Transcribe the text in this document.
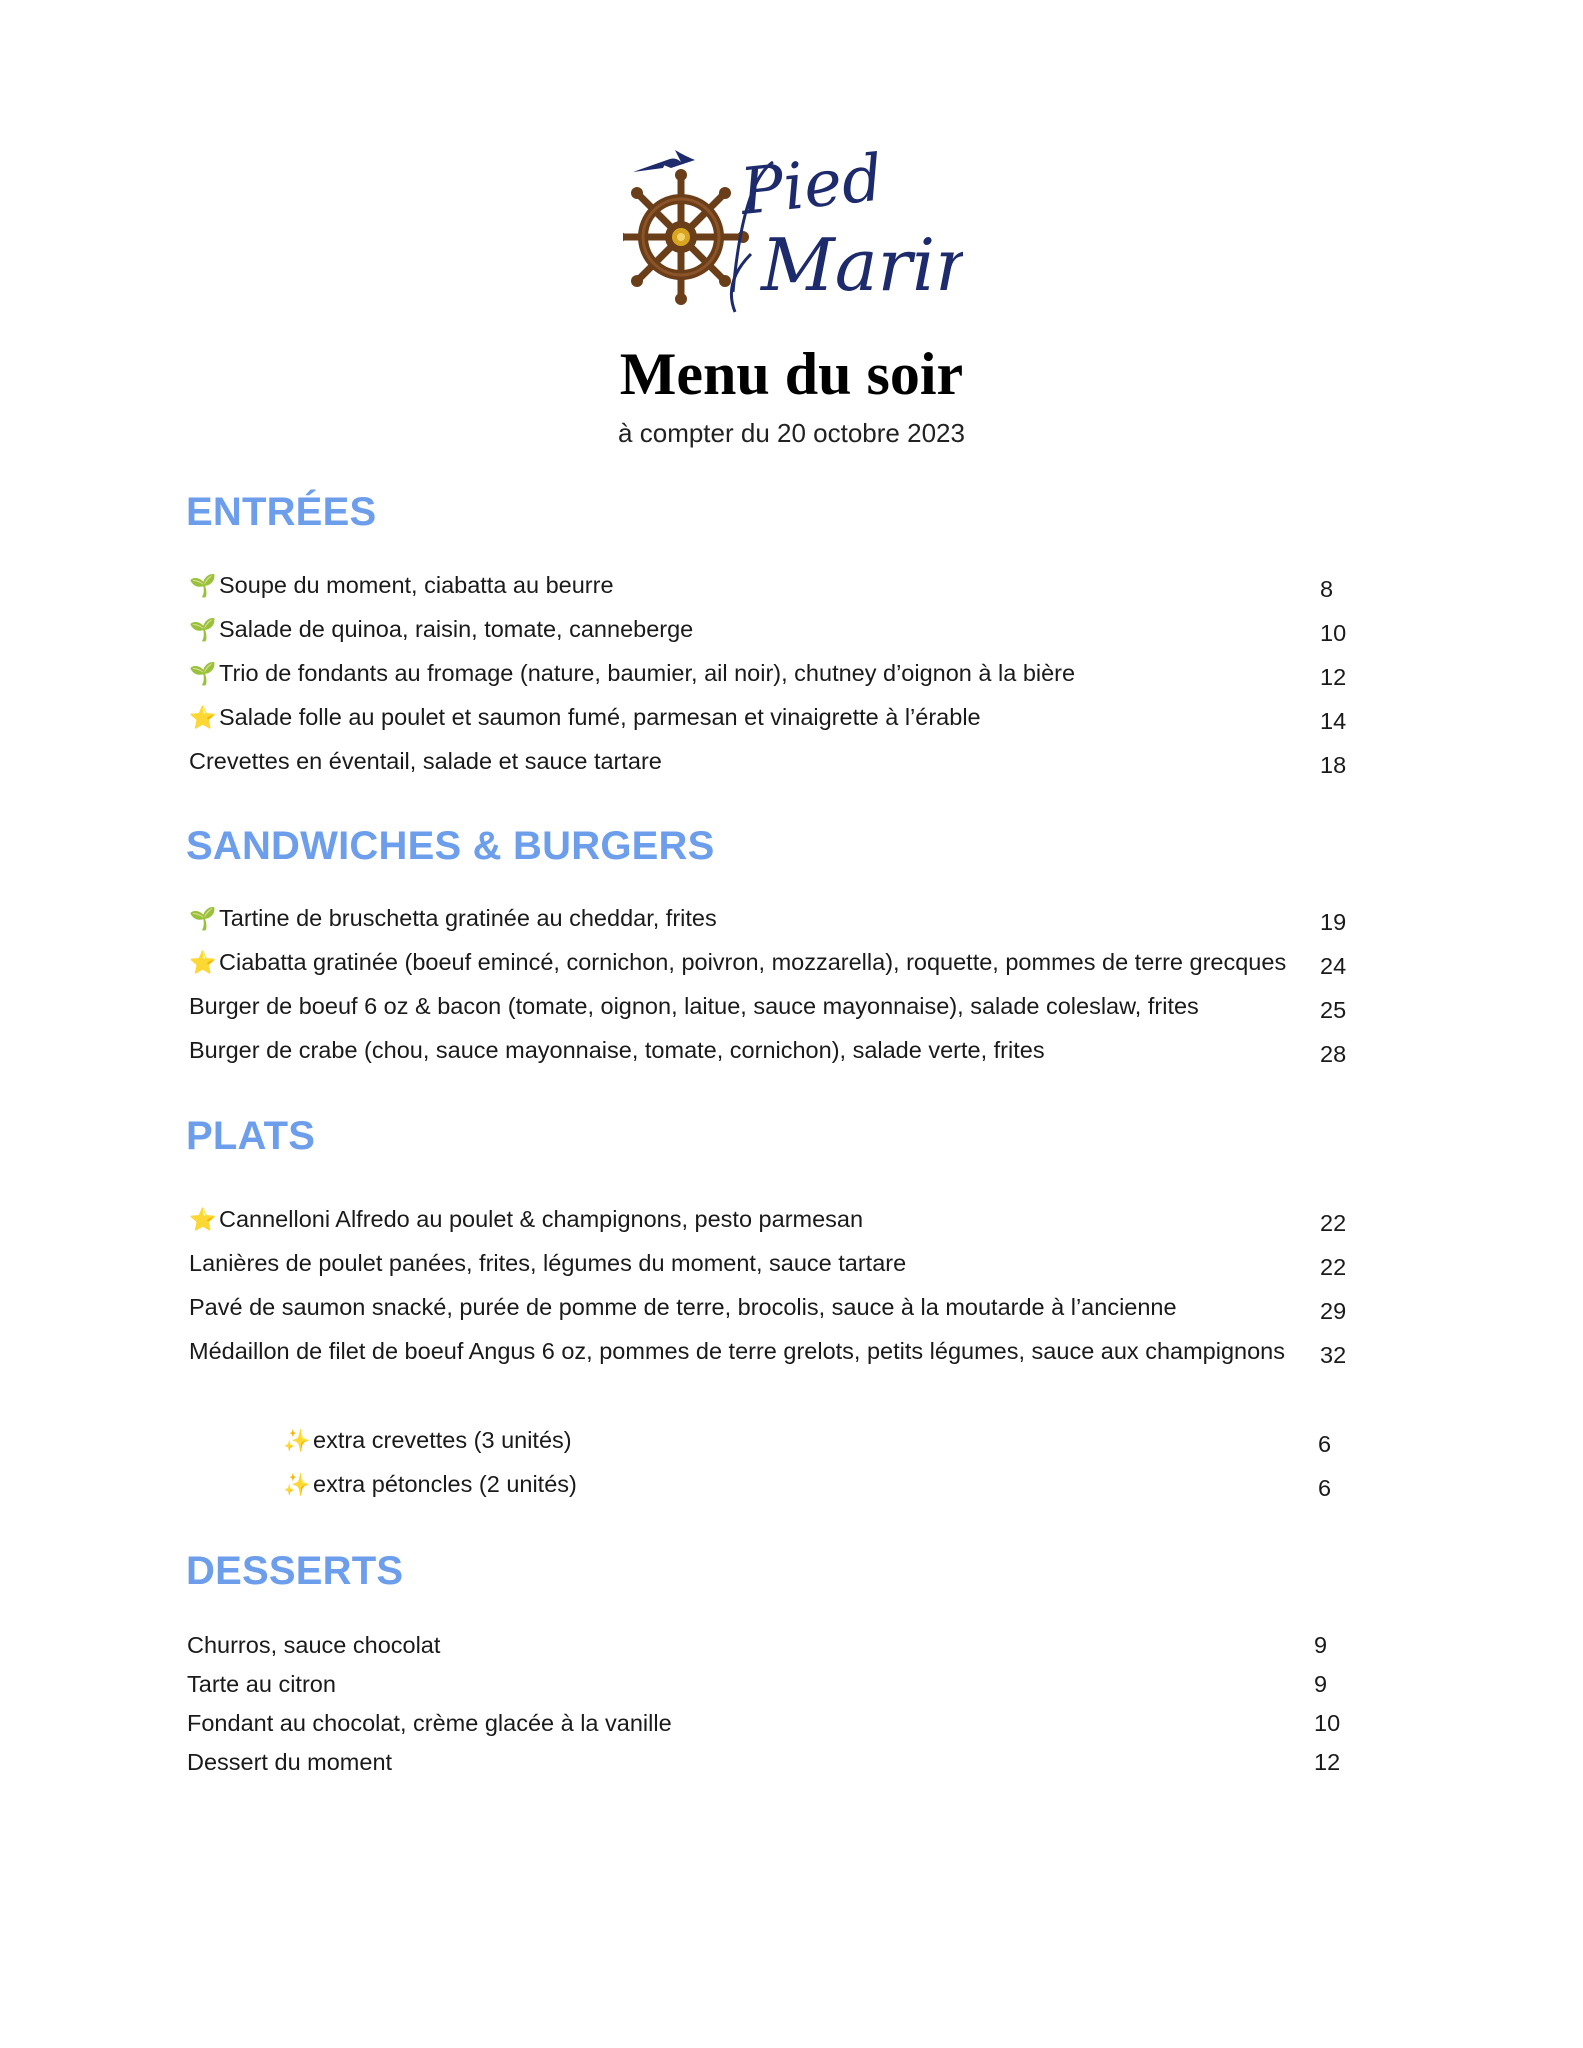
Pied
Marin
Menu du soir
à compter du 20 octobre 2023
ENTRÉES
🌱 Soupe du moment, ciabatta au beurre	8
🌱 Salade de quinoa, raisin, tomate, canneberge	10
🌱 Trio de fondants au fromage (nature, baumier, ail noir), chutney d’oignon à la bière	12
⭐ Salade folle au poulet et saumon fumé, parmesan et vinaigrette à l’érable	14
Crevettes en éventail, salade et sauce tartare	18
SANDWICHES & BURGERS
🌱 Tartine de bruschetta gratinée au cheddar, frites	19
⭐ Ciabatta gratinée (boeuf emincé, cornichon, poivron, mozzarella), roquette, pommes de terre grecques 24
Burger de boeuf 6 oz & bacon (tomate, oignon, laitue, sauce mayonnaise), salade coleslaw, frites	25
Burger de crabe (chou, sauce mayonnaise, tomate, cornichon), salade verte, frites	28
PLATS
⭐ Cannelloni Alfredo au poulet & champignons, pesto parmesan	22
Lanières de poulet panées, frites, légumes du moment, sauce tartare	22
Pavé de saumon snacké, purée de pomme de terre, brocolis, sauce à la moutarde à l’ancienne	29
Médaillon de filet de boeuf Angus 6 oz, pommes de terre grelots, petits légumes, sauce aux champignons 32
✨ extra crevettes (3 unités)	6
✨ extra pétoncles (2 unités)	6
DESSERTS
Churros, sauce chocolat	9
Tarte au citron	9
Fondant au chocolat, crème glacée à la vanille	10
Dessert du moment	12
